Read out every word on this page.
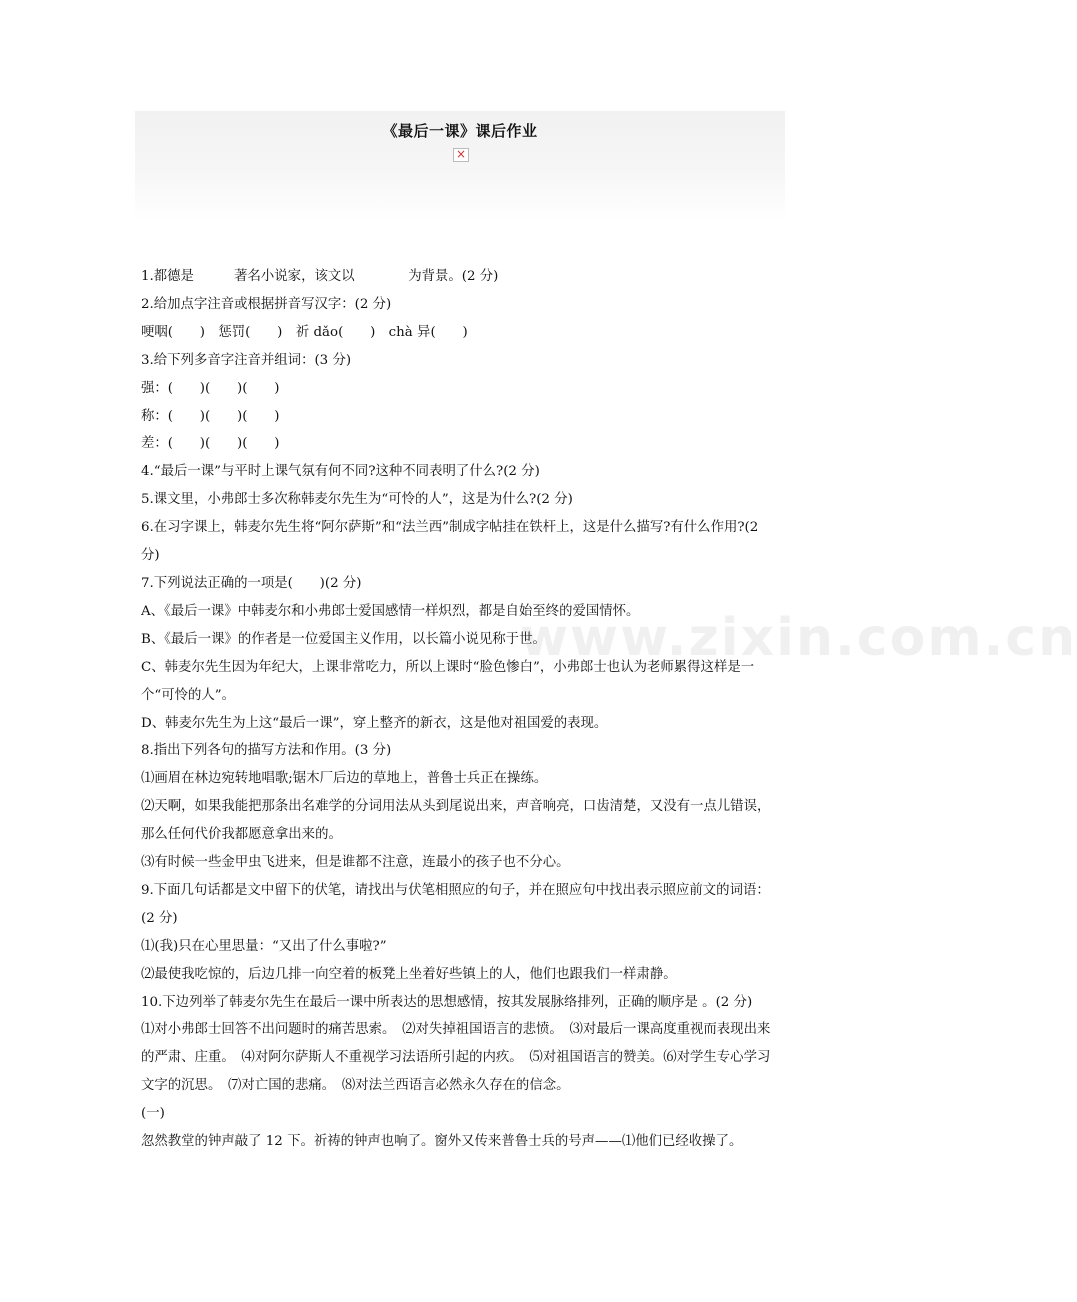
《最后一课》课后作业
×

1.都德是　　　著名小说家，该文以　　　　为背景。(2 分)

2.给加点字注音或根据拼音写汉字：(2 分)

哽咽(　　)　惩罚(　　)　祈 dǎo(　　)　chà 异(　　)

3.给下列多音字注音并组词：(3 分)

强：(　　)(　　)(　　)

称：(　　)(　　)(　　)

差：(　　)(　　)(　　)

4.“最后一课”与平时上课气氛有何不同?这种不同表明了什么?(2 分)

5.课文里，小弗郎士多次称韩麦尔先生为“可怜的人”，这是为什么?(2 分)

6.在习字课上，韩麦尔先生将“阿尔萨斯”和“法兰西”制成字帖挂在铁杆上，这是什么描写?有什么作用?(2 分)

7.下列说法正确的一项是(　　)(2 分)

A、《最后一课》中韩麦尔和小弗郎士爱国感情一样炽烈，都是自始至终的爱国情怀。

B、《最后一课》的作者是一位爱国主义作用，以长篇小说见称于世。

C、韩麦尔先生因为年纪大，上课非常吃力，所以上课时“脸色惨白”，小弗郎士也认为老师累得这样是一个“可怜的人”。

D、韩麦尔先生为上这“最后一课”，穿上整齐的新衣，这是他对祖国爱的表现。

8.指出下列各句的描写方法和作用。(3 分)

⑴画眉在林边宛转地唱歌;锯木厂后边的草地上，普鲁士兵正在操练。

⑵天啊，如果我能把那条出名难学的分词用法从头到尾说出来，声音响亮，口齿清楚，又没有一点儿错误，那么任何代价我都愿意拿出来的。

⑶有时候一些金甲虫飞进来，但是谁都不注意，连最小的孩子也不分心。

9.下面几句话都是文中留下的伏笔，请找出与伏笔相照应的句子，并在照应句中找出表示照应前文的词语：(2 分)

⑴(我)只在心里思量：“又出了什么事啦?”

⑵最使我吃惊的，后边几排一向空着的板凳上坐着好些镇上的人，他们也跟我们一样肃静。

10.下边列举了韩麦尔先生在最后一课中所表达的思想感情，按其发展脉络排列，正确的顺序是 。(2 分)

⑴对小弗郎士回答不出问题时的痛苦思索。　⑵对失掉祖国语言的悲愤。　⑶对最后一课高度重视而表现出来的严肃、庄重。　⑷对阿尔萨斯人不重视学习法语所引起的内疚。　⑸对祖国语言的赞美。⑹对学生专心学习文字的沉思。　⑺对亡国的悲痛。　⑻对法兰西语言必然永久存在的信念。

(一)

忽然教堂的钟声敲了 12 下。祈祷的钟声也响了。窗外又传来普鲁士兵的号声——⑴他们已经收操了。

www.zixin.com.cn
